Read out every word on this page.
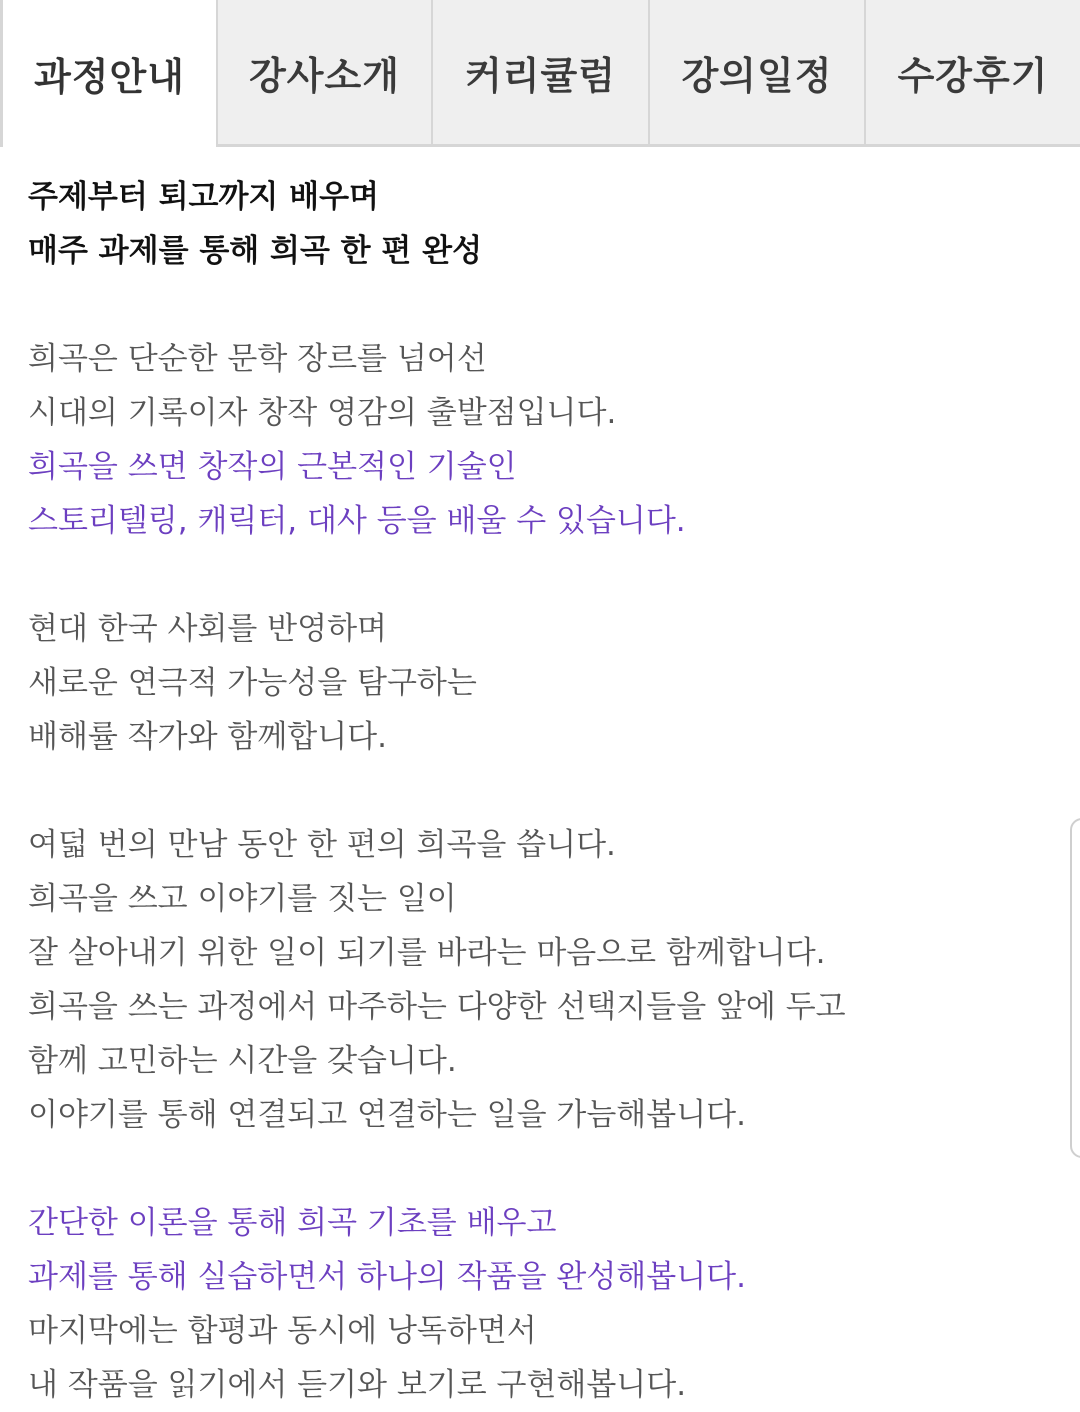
과정안내	강사소개	커리큘럼	강의일정	수강후기
주제부터 퇴고까지 배우며
매주 과제를 통해 희곡 한 편 완성
희곡은 단순한 문학 장르를 넘어선
시대의 기록이자 창작 영감의 출발점입니다.
희곡을 쓰면 창작의 근본적인 기술인
스토리텔링, 캐릭터, 대사 등을 배울 수 있습니다.
현대 한국 사회를 반영하며
새로운 연극적 가능성을 탐구하는
배해률 작가와 함께합니다.
여덟 번의 만남 동안 한 편의 희곡을 씁니다.
희곡을 쓰고 이야기를 짓는 일이
잘 살아내기 위한 일이 되기를 바라는 마음으로 함께합니다.
희곡을 쓰는 과정에서 마주하는 다양한 선택지들을 앞에 두고
함께 고민하는 시간을 갖습니다.
이야기를 통해 연결되고 연결하는 일을 가늠해봅니다.
간단한 이론을 통해 희곡 기초를 배우고
과제를 통해 실습하면서 하나의 작품을 완성해봅니다.
마지막에는 합평과 동시에 낭독하면서
내 작품을 읽기에서 듣기와 보기로 구현해봅니다.
